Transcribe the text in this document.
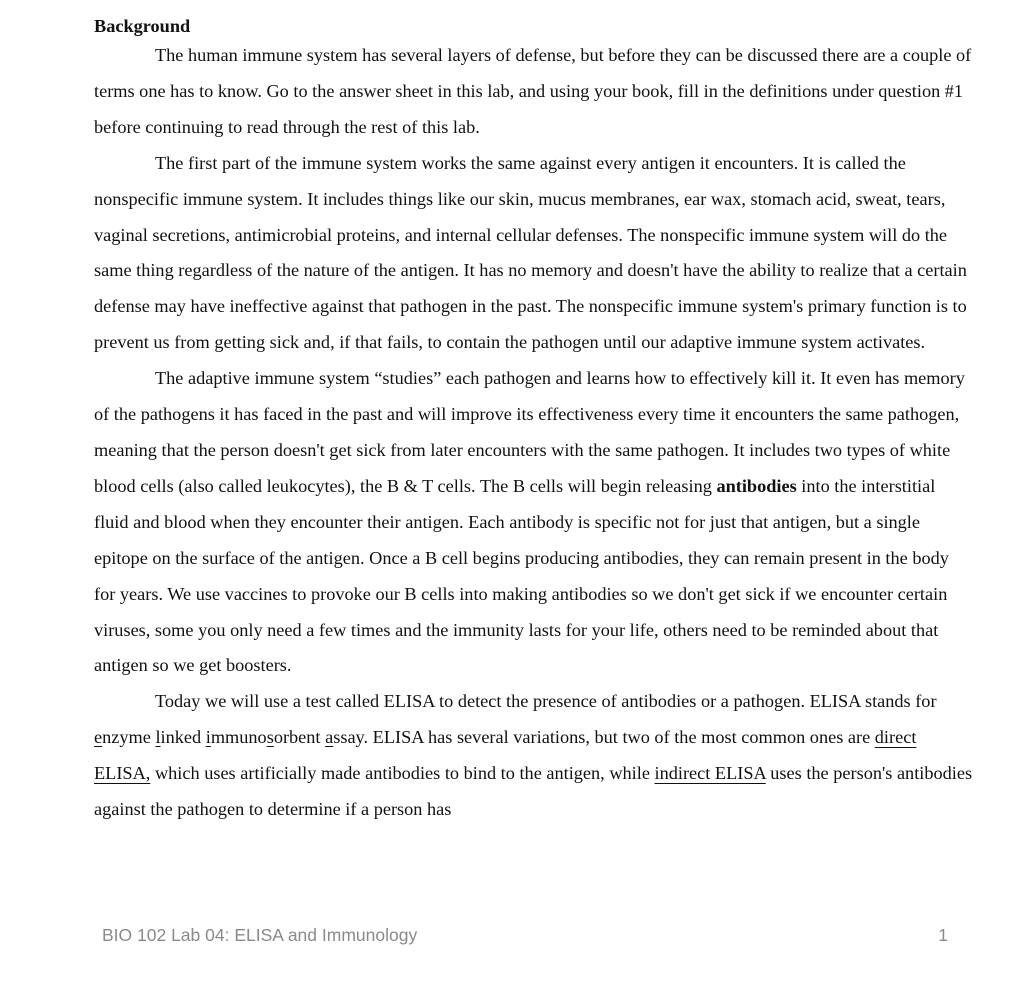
Background

The human immune system has several layers of defense, but before they can be discussed there are a couple of terms one has to know. Go to the answer sheet in this lab, and using your book, fill in the definitions under question #1 before continuing to read through the rest of this lab.

The first part of the immune system works the same against every antigen it encounters. It is called the nonspecific immune system. It includes things like our skin, mucus membranes, ear wax, stomach acid, sweat, tears, vaginal secretions, antimicrobial proteins, and internal cellular defenses. The nonspecific immune system will do the same thing regardless of the nature of the antigen. It has no memory and doesn't have the ability to realize that a certain defense may have ineffective against that pathogen in the past. The nonspecific immune system's primary function is to prevent us from getting sick and, if that fails, to contain the pathogen until our adaptive immune system activates.

The adaptive immune system “studies” each pathogen and learns how to effectively kill it. It even has memory of the pathogens it has faced in the past and will improve its effectiveness every time it encounters the same pathogen, meaning that the person doesn't get sick from later encounters with the same pathogen. It includes two types of white blood cells (also called leukocytes), the B & T cells. The B cells will begin releasing antibodies into the interstitial fluid and blood when they encounter their antigen. Each antibody is specific not for just that antigen, but a single epitope on the surface of the antigen. Once a B cell begins producing antibodies, they can remain present in the body for years. We use vaccines to provoke our B cells into making antibodies so we don't get sick if we encounter certain viruses, some you only need a few times and the immunity lasts for your life, others need to be reminded about that antigen so we get boosters.

Today we will use a test called ELISA to detect the presence of antibodies or a pathogen. ELISA stands for enzyme linked immunosorbent assay. ELISA has several variations, but two of the most common ones are direct ELISA, which uses artificially made antibodies to bind to the antigen, while indirect ELISA uses the person's antibodies against the pathogen to determine if a person has

BIO 102 Lab 04: ELISA and Immunology	1
